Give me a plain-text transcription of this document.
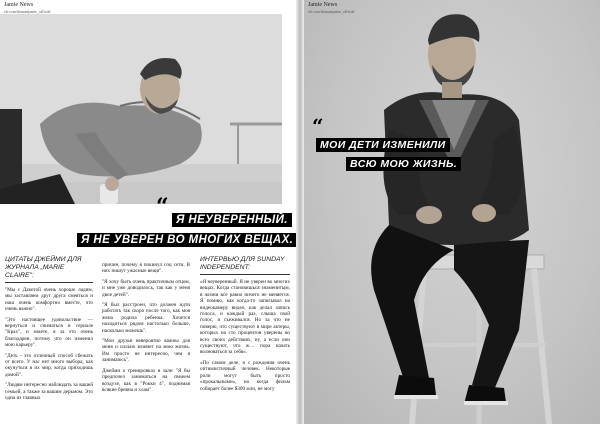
Jamie News
vk.com/dornanjamie_official
“ Я НЕУВЕРЕННЫЙ.
Я НЕ УВЕРЕН ВО МНОГИХ ВЕЩАХ.
ЦИТАТЫ ДЖЕЙМИ ДЛЯ
ЖУРНАЛА „MARIE CLAIRE":

"Мы с Дакотой очень хорошо ладим, мы заставляем друг друга смеяться и наш очень комфортно вместе, что очень важно".

"Это настоящее удовольствие — вернуться и сниматься в сериале "Крах", и знаете, я за это очень благодарен, потому что он изменил мою карьеру".

"Деть - это отличный способ сбежать от всего. У нас нет много выбора, как окунуться в их мир, когда приходишь домой".

"Людям интересно наблюдать за вашей семьей, а также за вашим дерьмом. Это одна из главных

причин, почему я покинул соц сети. В них пишут ужасные вещи".

"Я хочу быть очень практичным отцом, и мне уже доводилось, так как у меня двое детей".

"Я был расстроен, что должен идти работать так скоро после того, как моя жена родила ребенка. Хочется находиться рядом настолько больше, насколько можешь".

"Мои друзья невероятно важны для меня и сильно влияют на мою жизнь. Им просто не интересно, чем я занимаюсь".

Джейми о тренировках в зале: "Я бы предпочел заниматься на свежем воздухе, как в "Рокки 4", поднимая всякие бревна и хлам".

ИНТЕРВЬЮ ДЛЯ SUNDAY
INDEPENDENT:

«Я неуверенный. Я не уверен во многих вещах. Когда становишься знаменитым, в жизни все равно ничего не меняется. Я помню, как когда-то записывал на видеокамеру видео, как делал запись голоса, и каждый раз, слыша свой голос, я съеживался. Но за что не поверю, что существуют в мире актеры, которых на сто процентов уверены во всех своих действиях, ну, а если они существуют, что ж… пора начать волноваться за себя».

«По самом деле, я с рождения очень оптимистичный человек. Некоторые роли могут быть просто «прокальными», но когда фильм собирает более $300 млн, не могу

Jamie News
vk.com/dornanjamie_official
“
МОИ ДЕТИ ИЗМЕНИЛИ
ВСЮ МОЮ ЖИЗНЬ.
